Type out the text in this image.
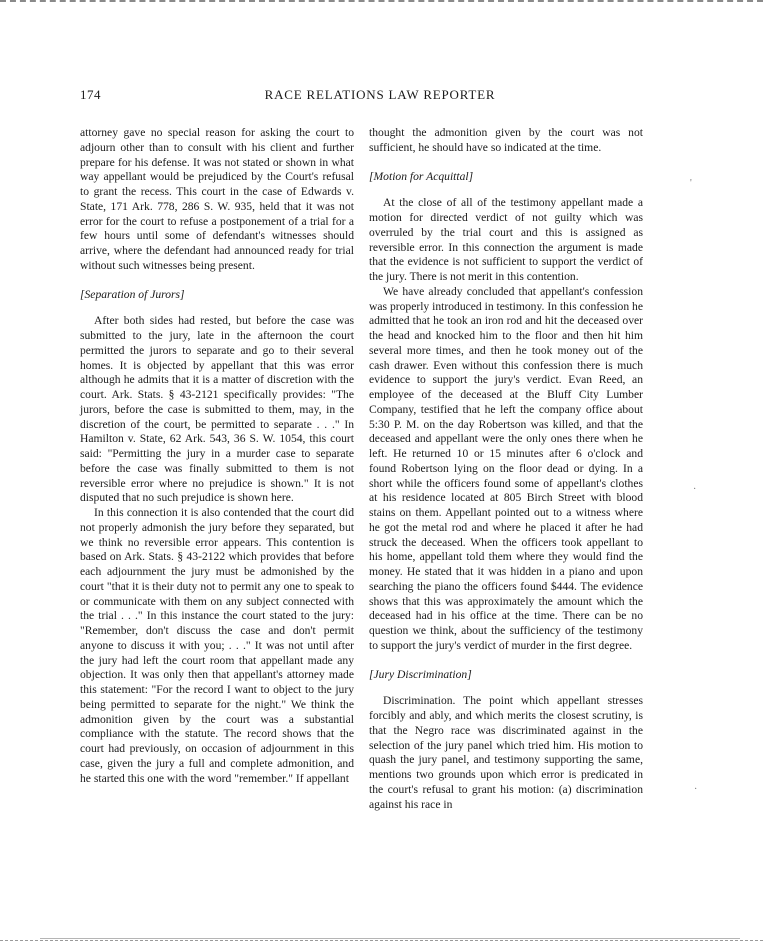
174	RACE RELATIONS LAW REPORTER

attorney gave no special reason for asking the court to adjourn other than to consult with his client and further prepare for his defense. It was not stated or shown in what way appellant would be prejudiced by the Court's refusal to grant the recess. This court in the case of Edwards v. State, 171 Ark. 778, 286 S. W. 935, held that it was not error for the court to refuse a postponement of a trial for a few hours until some of defendant's witnesses should arrive, where the defendant had announced ready for trial without such witnesses being present.

[Separation of Jurors]

After both sides had rested, but before the case was submitted to the jury, late in the afternoon the court permitted the jurors to separate and go to their several homes. It is objected by appellant that this was error although he admits that it is a matter of discretion with the court. Ark. Stats. § 43-2121 specifically provides: "The jurors, before the case is submitted to them, may, in the discretion of the court, be permitted to separate . . ." In Hamilton v. State, 62 Ark. 543, 36 S. W. 1054, this court said: "Permitting the jury in a murder case to separate before the case was finally submitted to them is not reversible error where no prejudice is shown." It is not disputed that no such prejudice is shown here.

In this connection it is also contended that the court did not properly admonish the jury before they separated, but we think no reversible error appears. This contention is based on Ark. Stats. § 43-2122 which provides that before each adjournment the jury must be admonished by the court "that it is their duty not to permit any one to speak to or communicate with them on any subject connected with the trial . . ." In this instance the court stated to the jury: "Remember, don't discuss the case and don't permit anyone to discuss it with you; . . ." It was not until after the jury had left the court room that appellant made any objection. It was only then that appellant's attorney made this statement: "For the record I want to object to the jury being permitted to separate for the night." We think the admonition given by the court was a substantial compliance with the statute. The record shows that the court had previously, on occasion of adjournment in this case, given the jury a full and complete admonition, and he started this one with the word "remember." If appellant

thought the admonition given by the court was not sufficient, he should have so indicated at the time.

[Motion for Acquittal]

At the close of all of the testimony appellant made a motion for directed verdict of not guilty which was overruled by the trial court and this is assigned as reversible error. In this connection the argument is made that the evidence is not sufficient to support the verdict of the jury. There is not merit in this contention.

We have already concluded that appellant's confession was properly introduced in testimony. In this confession he admitted that he took an iron rod and hit the deceased over the head and knocked him to the floor and then hit him several more times, and then he took money out of the cash drawer. Even without this confession there is much evidence to support the jury's verdict. Evan Reed, an employee of the deceased at the Bluff City Lumber Company, testified that he left the company office about 5:30 P. M. on the day Robertson was killed, and that the deceased and appellant were the only ones there when he left. He returned 10 or 15 minutes after 6 o'clock and found Robertson lying on the floor dead or dying. In a short while the officers found some of appellant's clothes at his residence located at 805 Birch Street with blood stains on them. Appellant pointed out to a witness where he got the metal rod and where he placed it after he had struck the deceased. When the officers took appellant to his home, appellant told them where they would find the money. He stated that it was hidden in a piano and upon searching the piano the officers found $444. The evidence shows that this was approximately the amount which the deceased had in his office at the time. There can be no question we think, about the sufficiency of the testimony to support the jury's verdict of murder in the first degree.

[Jury Discrimination]

Discrimination. The point which appellant stresses forcibly and ably, and which merits the closest scrutiny, is that the Negro race was discriminated against in the selection of the jury panel which tried him. His motion to quash the jury panel, and testimony supporting the same, mentions two grounds upon which error is predicated in the court's refusal to grant his motion: (a) discrimination against his race in

'
·
·
